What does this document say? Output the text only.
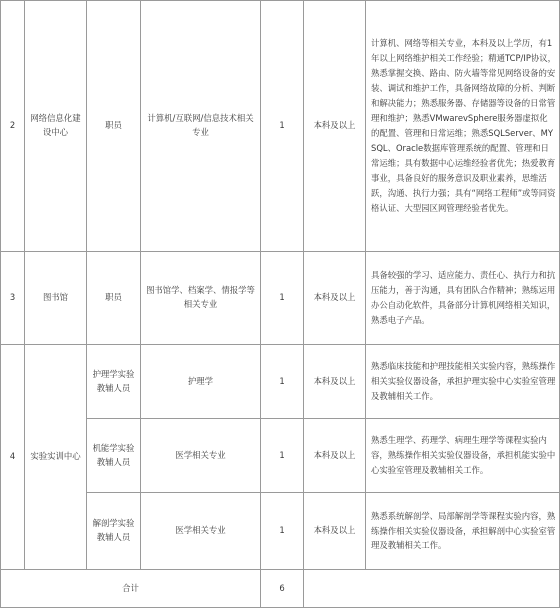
2	网络信息化建设中心	职员	计算机/互联网/信息技术相关专业	1	本科及以上	计算机、网络等相关专业，本科及以上学历，有1年以上网络维护相关工作经验；精通TCP/IP协议，熟悉掌握交换、路由、防火墙等常见网络设备的安装、调试和维护工作，具备网络故障的分析、判断和解决能力；熟悉服务器、存储器等设备的日常管理和维护；熟悉VMwarevSphere服务器虚拟化的配置、管理和日常运维；熟悉SQLServer、MYSQL、Oracle数据库管理系统的配置、管理和日常运维；具有数据中心运维经验者优先；热爱教育事业，具备良好的服务意识及职业素养，思维活跃，沟通、执行力强；具有“网络工程师”或等同资格认证、大型园区网管理经验者优先。
3	图书馆	职员	图书馆学、档案学、情报学等相关专业	1	本科及以上	具备较强的学习、适应能力、责任心、执行力和抗压能力，善于沟通，具有团队合作精神；熟练运用办公自动化软件，具备部分计算机网络相关知识，熟悉电子产品。
4	实验实训中心	护理学实验教辅人员	护理学	1	本科及以上	熟悉临床技能和护理技能相关实验内容，熟练操作相关实验仪器设备，承担护理实验中心实验室管理及教辅相关工作。
		机能学实验教辅人员	医学相关专业	1	本科及以上	熟悉生理学、药理学、病理生理学等课程实验内容，熟练操作相关实验仪器设备，承担机能实验中心实验室管理及教辅相关工作。
		解剖学实验教辅人员	医学相关专业	1	本科及以上	熟悉系统解剖学、局部解剖学等课程实验内容，熟练操作相关实验仪器设备，承担解剖中心实验室管理及教辅相关工作。
合计				6		
